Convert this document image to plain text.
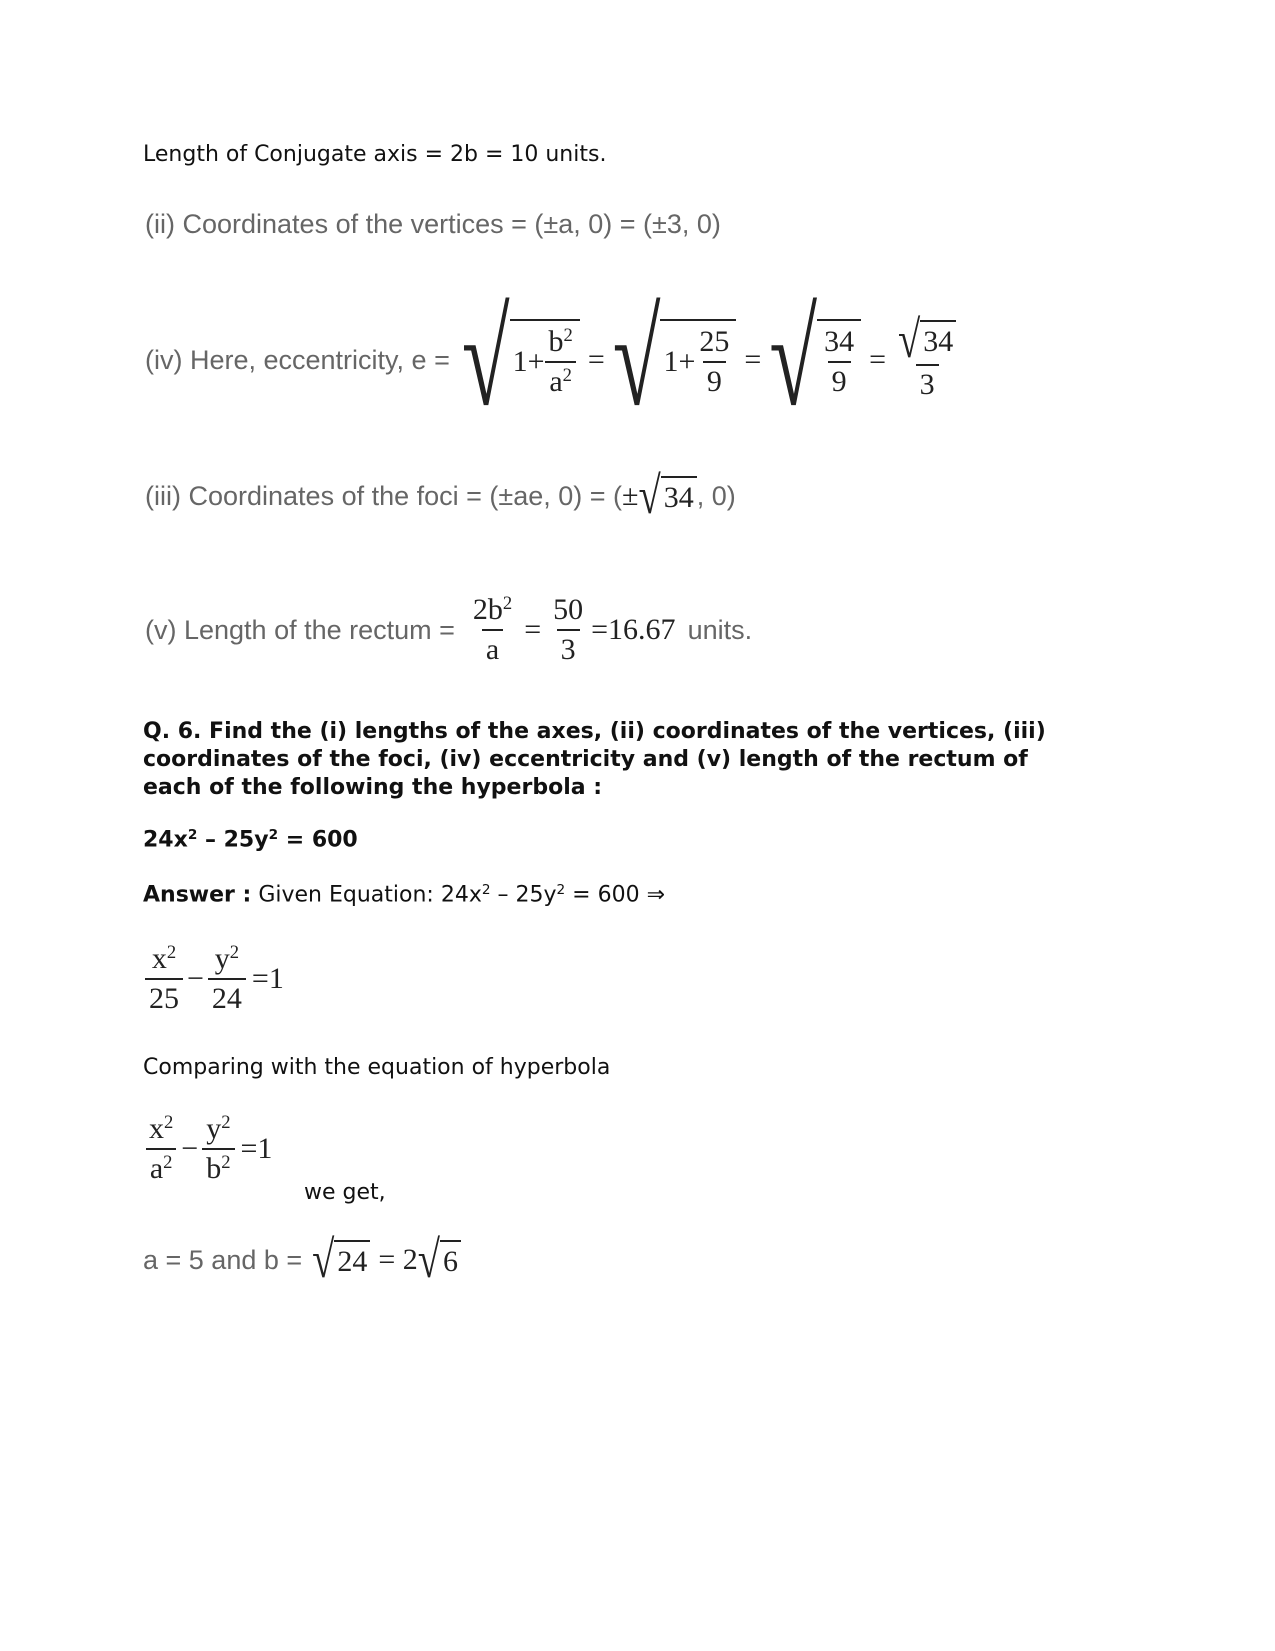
Length of Conjugate axis = 2b = 10 units.
(ii) Coordinates of the vertices = (±a, 0) = (±3, 0)
(iv) Here, eccentricity, e = √ $1+ \frac{b^2}{a^2}$ = √ $1+ \frac{25}{9}$ = √ $\frac{34}{9} = \frac{√ 34}{3}$
(iii) Coordinates of the foci = (±ae, 0) = ( ± √ 34 , 0)
(v) Length of the rectum = $\frac{2b^2}{a} = \frac{50}{3} =16.67$ units.
Q. 6. Find the (i) lengths of the axes, (ii) coordinates of the vertices, (iii) coordinates of the foci, (iv) eccentricity and (v) length of the rectum of each of the following the hyperbola :
$24x^2 - 25y^2 = 600$
Answer : Given Equation: $24x^2 - 25y^2 = 600$ ⇒
$\frac{x^2}{25} - \frac{y^2}{24} =1$
Comparing with the equation of hyperbola
$\frac{x^2}{a^2} - \frac{y^2}{b^2} =1$
we get,
a = 5 and b = √ 24 = 2 √ 6
